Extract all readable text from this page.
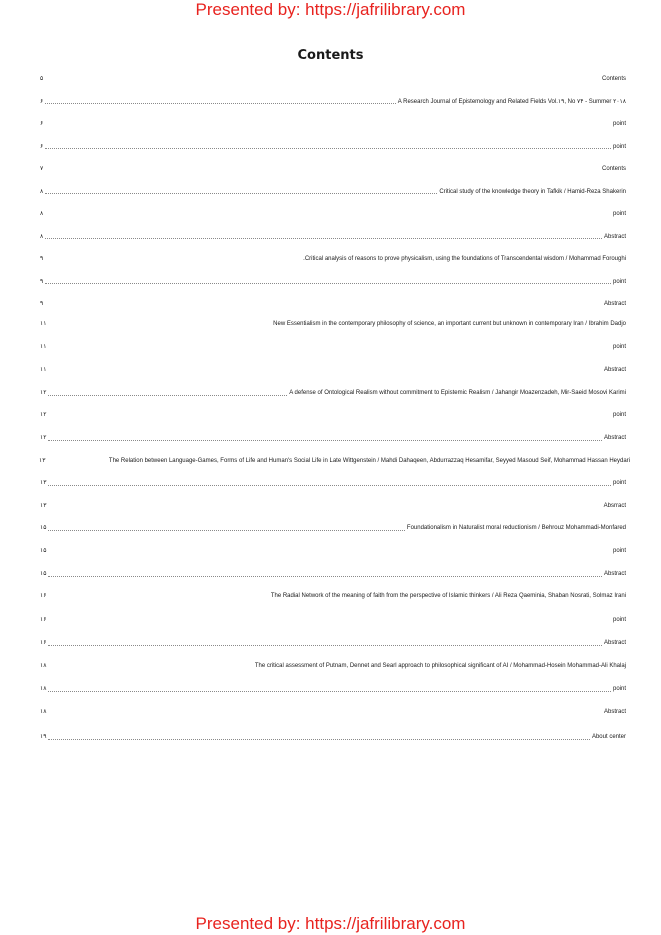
Presented by: https://jafrilibrary.com
Contents
۵	Contents
۶	A Research Journal of Epistemology and Related Fields Vol.۱۹, No ۷۴ - Summer ۲۰۱۸
۶	point
۶	point
۷	Contents
۸	Critical study of the knowledge theory in Tafkik / Hamid-Reza Shakerin
۸	point
۸	Abstract
۹	.Critical analysis of reasons to prove physicalism, using the foundations of Transcendental wisdom / Mohammad Foroughi
۹	point
۹	Abstract
۱۱	New Essentialism in the contemporary philosophy of science, an important current but unknown in contemporary Iran / Ibrahim Dadjo
۱۱	point
۱۱	Abstract
۱۲	A defense of Ontological Realism without commitment to Epistemic Realism / Jahangir Moazenzadeh, Mir-Saeid Mosovi Karimi
۱۲	point
۱۲	Abstract
۱۳	The Relation between Language-Games, Forms of Life and Human's Social Life in Late Wittgenstein / Mahdi Dahaqeen, Abdurrazzaq Hesamifar, Seyyed Masoud Seif, Mohammad Hassan Heydari
۱۳	point
۱۳	Absrract
۱۵	Foundationalism in Naturalist moral reductionism / Behrouz Mohammadi-Monfared
۱۵	point
۱۵	Abstract
۱۶	The Radial Network of the meaning of faith from the perspective of Islamic thinkers / Ali Reza Qaeminia, Shaban Nosrati, Solmaz Irani
۱۶	point
۱۶	Abstract
۱۸	The critical assessment of Putnam, Dennet and Searl approach to philosophical significant of AI / Mohammad-Hosein Mohammad-Ali Khalaj
۱۸	point
۱۸	Abstract
۱۹	About center
Presented by: https://jafrilibrary.com
